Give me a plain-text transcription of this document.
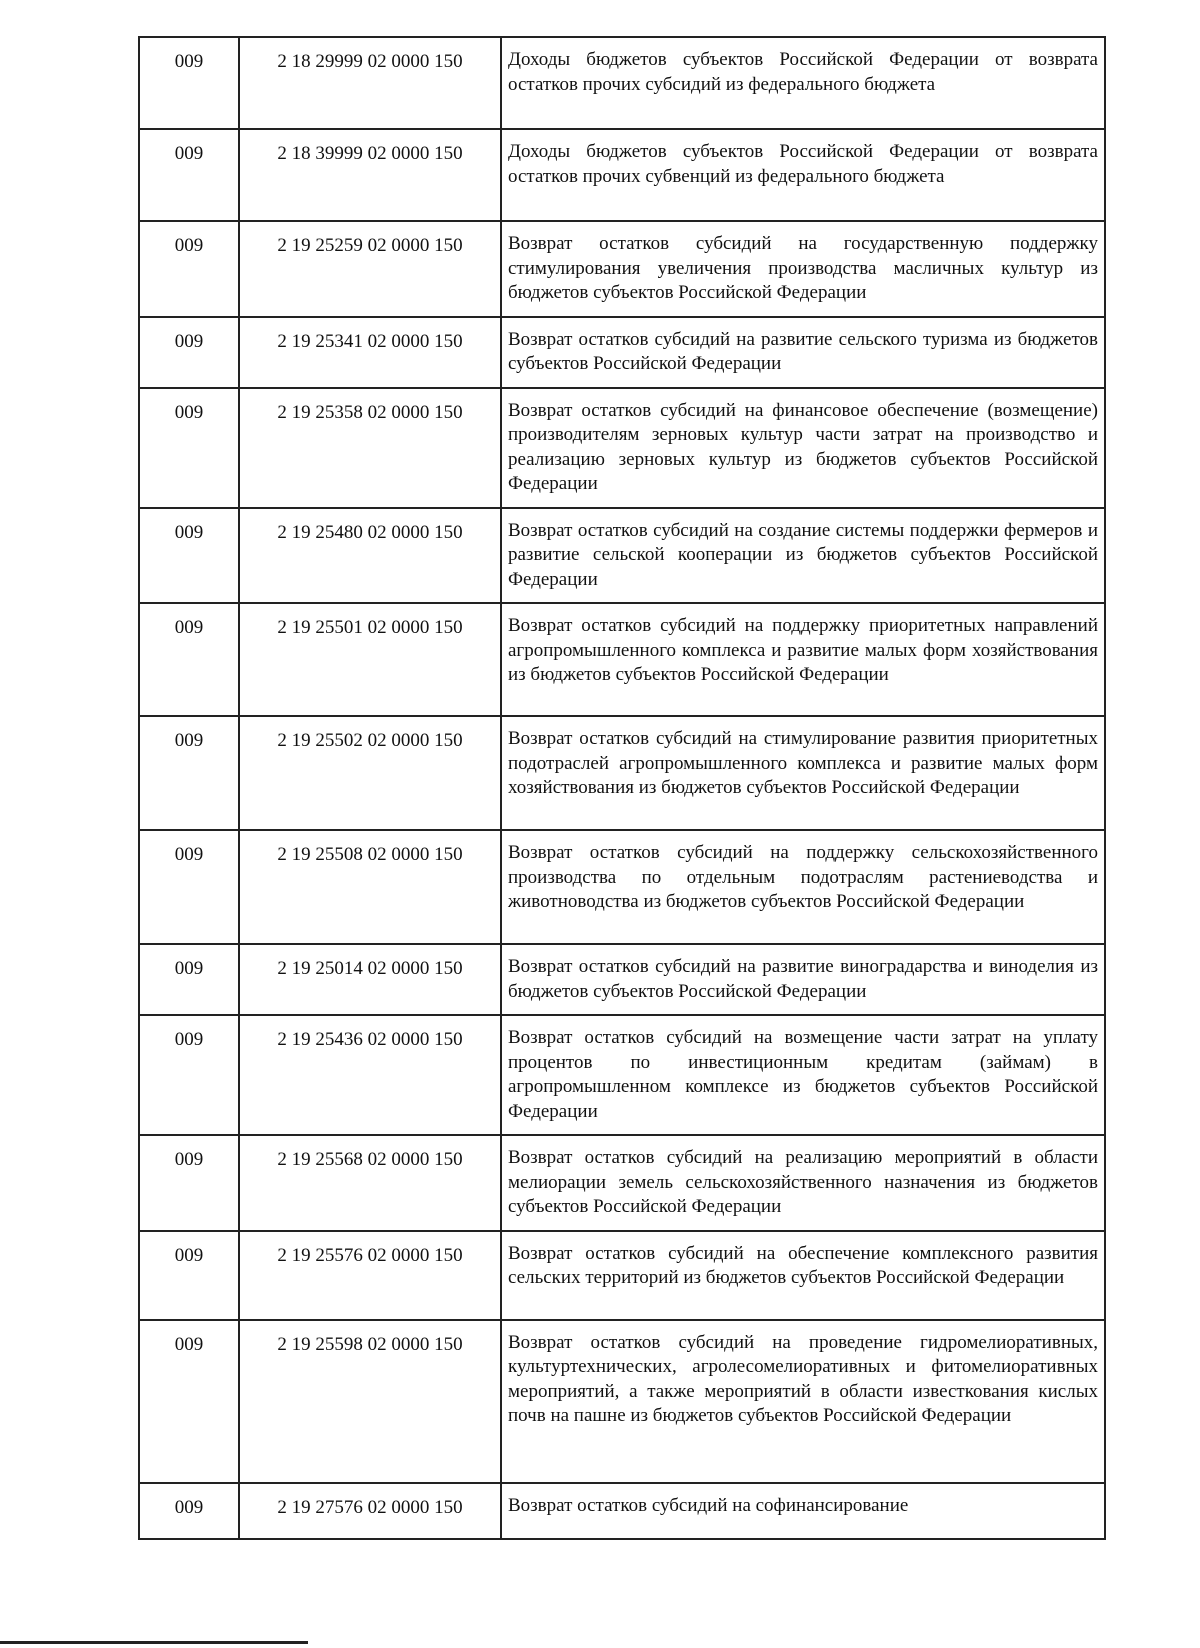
009	2 18 29999 02 0000 150	Доходы бюджетов субъектов Российской Федерации от возврата остатков прочих субсидий из федерального бюджета
009	2 18 39999 02 0000 150	Доходы бюджетов субъектов Российской Федерации от возврата остатков прочих субвенций из федерального бюджета
009	2 19 25259 02 0000 150	Возврат остатков субсидий на государственную поддержку стимулирования увеличения производства масличных культур из бюджетов субъектов Российской Федерации
009	2 19 25341 02 0000 150	Возврат остатков субсидий на развитие сельского туризма из бюджетов субъектов Российской Федерации
009	2 19 25358 02 0000 150	Возврат остатков субсидий на финансовое обеспечение (возмещение) производителям зерновых культур части затрат на производство и реализацию зерновых культур из бюджетов субъектов Российской Федерации
009	2 19 25480 02 0000 150	Возврат остатков субсидий на создание системы поддержки фермеров и развитие сельской кооперации из бюджетов субъектов Российской Федерации
009	2 19 25501 02 0000 150	Возврат остатков субсидий на поддержку приоритетных направлений агропромышленного комплекса и развитие малых форм хозяйствования из бюджетов субъектов Российской Федерации
009	2 19 25502 02 0000 150	Возврат остатков субсидий на стимулирование развития приоритетных подотраслей агропромышленного комплекса и развитие малых форм хозяйствования из бюджетов субъектов Российской Федерации
009	2 19 25508 02 0000 150	Возврат остатков субсидий на поддержку сельскохозяйственного производства по отдельным подотраслям растениеводства и животноводства из бюджетов субъектов Российской Федерации
009	2 19 25014 02 0000 150	Возврат остатков субсидий на развитие виноградарства и виноделия из бюджетов субъектов Российской Федерации
009	2 19 25436 02 0000 150	Возврат остатков субсидий на возмещение части затрат на уплату процентов по инвестиционным кредитам (займам) в агропромышленном комплексе из бюджетов субъектов Российской Федерации
009	2 19 25568 02 0000 150	Возврат остатков субсидий на реализацию мероприятий в области мелиорации земель сельскохозяйственного назначения из бюджетов субъектов Российской Федерации
009	2 19 25576 02 0000 150	Возврат остатков субсидий на обеспечение комплексного развития сельских территорий из бюджетов субъектов Российской Федерации
009	2 19 25598 02 0000 150	Возврат остатков субсидий на проведение гидромелиоративных, культуртехнических, агролесомелиоративных и фитомелиоративных мероприятий, а также мероприятий в области известкования кислых почв на пашне из бюджетов субъектов Российской Федерации
009	2 19 27576 02 0000 150	Возврат остатков субсидий на софинансирование
